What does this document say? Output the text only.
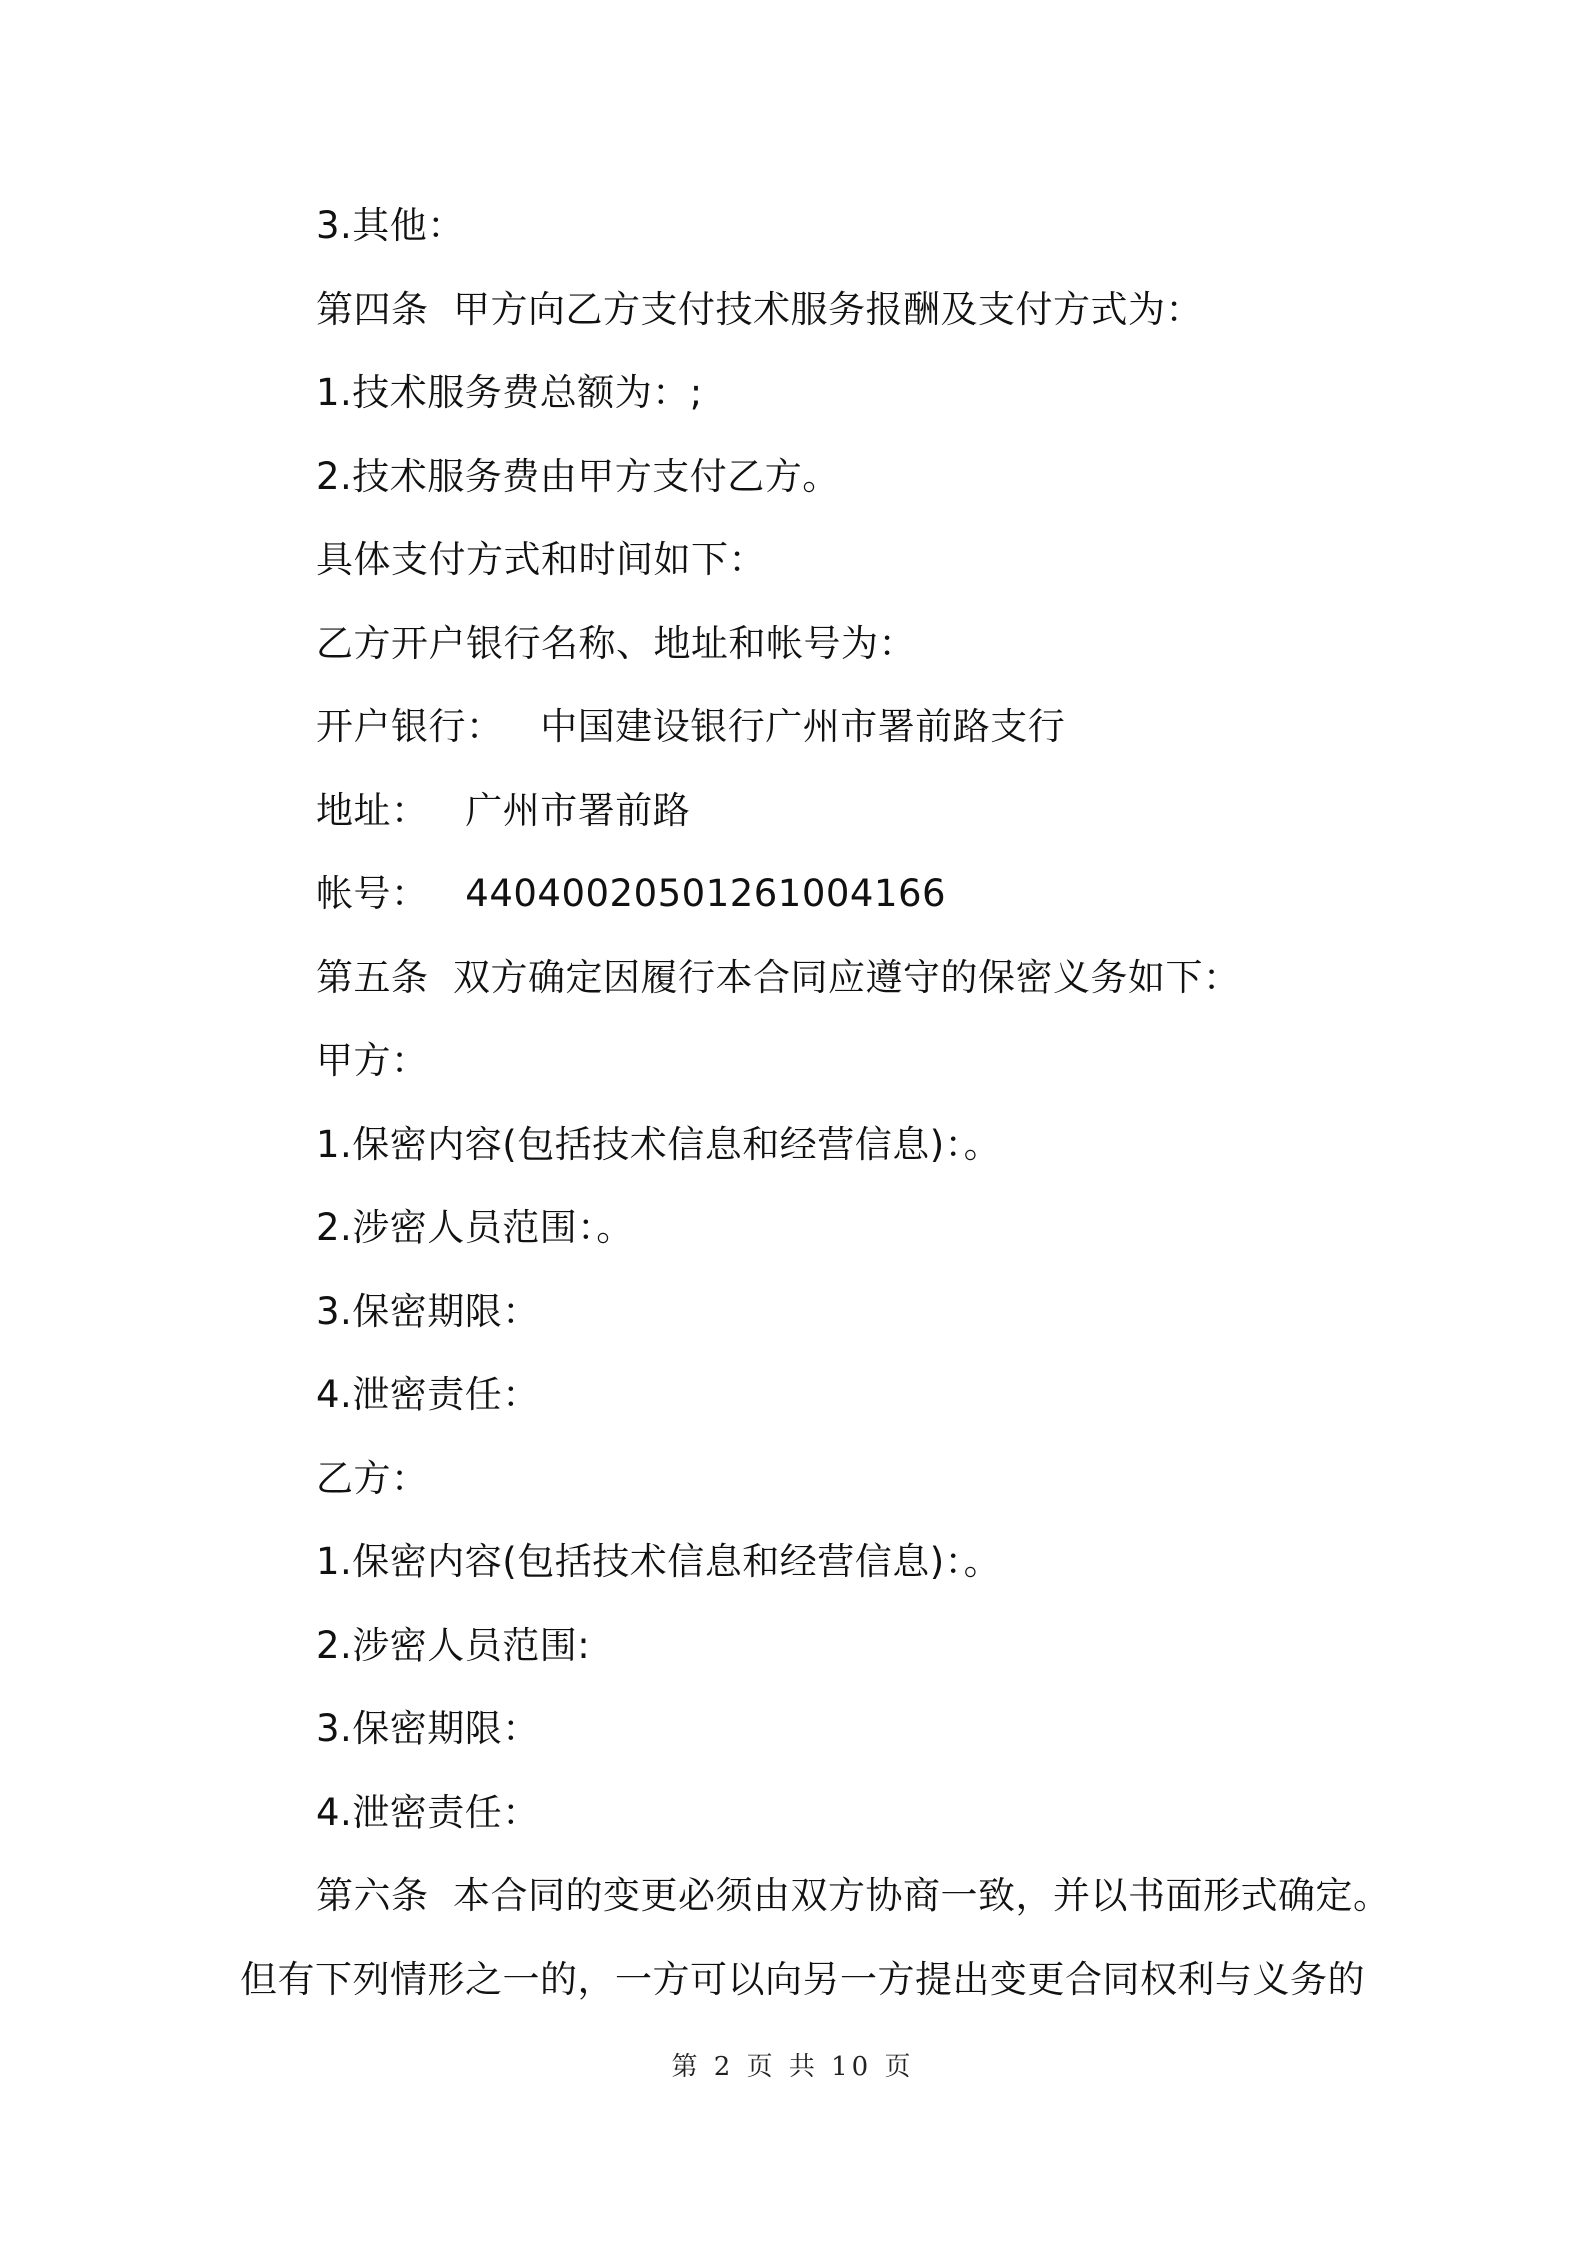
3.其他：
第四条  甲方向乙方支付技术服务报酬及支付方式为：
1.技术服务费总额为：;
2.技术服务费由甲方支付乙方。
具体支付方式和时间如下：
乙方开户银行名称、地址和帐号为：
开户银行：   中国建设银行广州市署前路支行
地址：   广州市署前路
帐号：   44040020501261004166
第五条  双方确定因履行本合同应遵守的保密义务如下：
甲方：
1.保密内容(包括技术信息和经营信息)：。
2.涉密人员范围：。
3.保密期限：
4.泄密责任：
乙方：
1.保密内容(包括技术信息和经营信息)：。
2.涉密人员范围:
3.保密期限：
4.泄密责任：
第六条  本合同的变更必须由双方协商一致，并以书面形式确定。
但有下列情形之一的，一方可以向另一方提出变更合同权利与义务的
第 2 页 共 10 页
